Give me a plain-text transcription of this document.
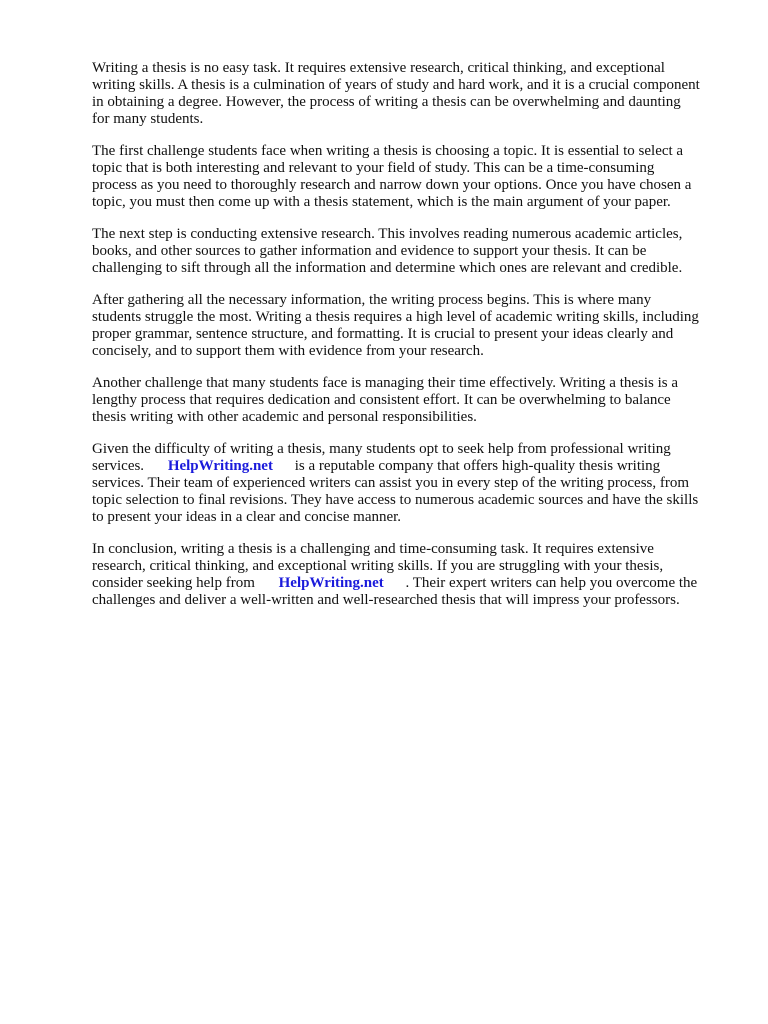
Writing a thesis is no easy task. It requires extensive research, critical thinking, and exceptional
writing skills. A thesis is a culmination of years of study and hard work, and it is a crucial component
in obtaining a degree. However, the process of writing a thesis can be overwhelming and daunting
for many students.

The first challenge students face when writing a thesis is choosing a topic. It is essential to select a
topic that is both interesting and relevant to your field of study. This can be a time-consuming
process as you need to thoroughly research and narrow down your options. Once you have chosen a
topic, you must then come up with a thesis statement, which is the main argument of your paper.

The next step is conducting extensive research. This involves reading numerous academic articles,
books, and other sources to gather information and evidence to support your thesis. It can be
challenging to sift through all the information and determine which ones are relevant and credible.

After gathering all the necessary information, the writing process begins. This is where many
students struggle the most. Writing a thesis requires a high level of academic writing skills, including
proper grammar, sentence structure, and formatting. It is crucial to present your ideas clearly and
concisely, and to support them with evidence from your research.

Another challenge that many students face is managing their time effectively. Writing a thesis is a
lengthy process that requires dedication and consistent effort. It can be overwhelming to balance
thesis writing with other academic and personal responsibilities.

Given the difficulty of writing a thesis, many students opt to seek help from professional writing
services. HelpWriting.net is a reputable company that offers high-quality thesis writing
services. Their team of experienced writers can assist you in every step of the writing process, from
topic selection to final revisions. They have access to numerous academic sources and have the skills
to present your ideas in a clear and concise manner.

In conclusion, writing a thesis is a challenging and time-consuming task. It requires extensive
research, critical thinking, and exceptional writing skills. If you are struggling with your thesis,
consider seeking help from HelpWriting.net . Their expert writers can help you overcome the
challenges and deliver a well-written and well-researched thesis that will impress your professors.
